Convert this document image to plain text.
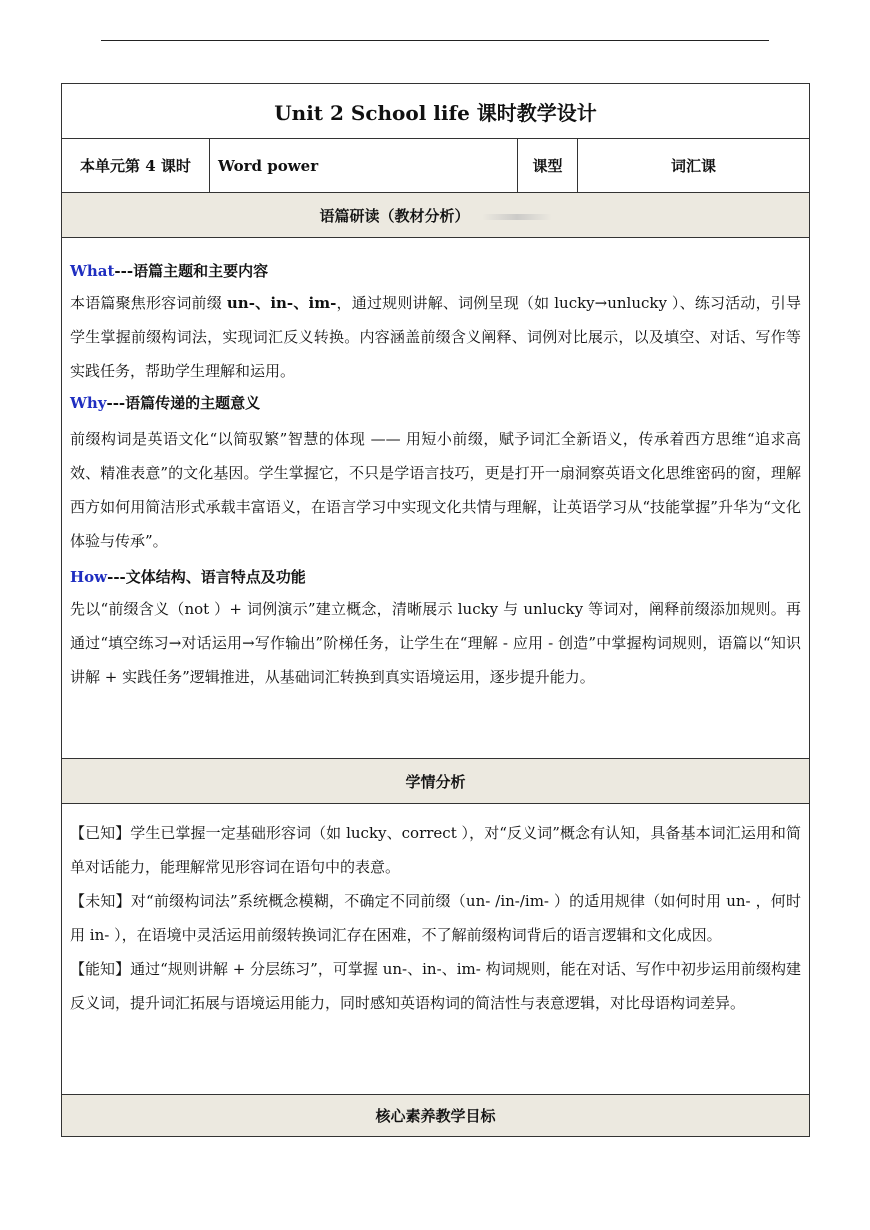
Unit 2 School life 课时教学设计
本单元第 4 课时	Word power	课型	词汇课
语篇研读（教材分析）

What---语篇主题和主要内容

本语篇聚焦形容词前缀 un-、in-、im-，通过规则讲解、词例呈现（如 lucky→unlucky ）、练习活动，引导学生掌握前缀构词法，实现词汇反义转换。内容涵盖前缀含义阐释、词例对比展示，以及填空、对话、写作等实践任务，帮助学生理解和运用。

Why---语篇传递的主题意义

前缀构词是英语文化“以简驭繁”智慧的体现 —— 用短小前缀，赋予词汇全新语义，传承着西方思维“追求高效、精准表意”的文化基因。学生掌握它，不只是学语言技巧，更是打开一扇洞察英语文化思维密码的窗，理解西方如何用简洁形式承载丰富语义，在语言学习中实现文化共情与理解，让英语学习从“技能掌握”升华为“文化体验与传承”。

How---文体结构、语言特点及功能

先以“前缀含义（not ）+ 词例演示”建立概念，清晰展示 lucky 与 unlucky 等词对，阐释前缀添加规则。再通过“填空练习→对话运用→写作输出”阶梯任务，让学生在“理解 - 应用 - 创造”中掌握构词规则，语篇以“知识讲解 + 实践任务”逻辑推进，从基础词汇转换到真实语境运用，逐步提升能力。

学情分析

【已知】学生已掌握一定基础形容词（如 lucky、correct ），对“反义词”概念有认知，具备基本词汇运用和简单对话能力，能理解常见形容词在语句中的表意。

【未知】对“前缀构词法”系统概念模糊，不确定不同前缀（un- /in-/im- ）的适用规律（如何时用 un- ，何时用 in- ），在语境中灵活运用前缀转换词汇存在困难，不了解前缀构词背后的语言逻辑和文化成因。

【能知】通过“规则讲解 + 分层练习”，可掌握 un-、in-、im- 构词规则，能在对话、写作中初步运用前缀构建反义词，提升词汇拓展与语境运用能力，同时感知英语构词的简洁性与表意逻辑，对比母语构词差异。

核心素养教学目标
